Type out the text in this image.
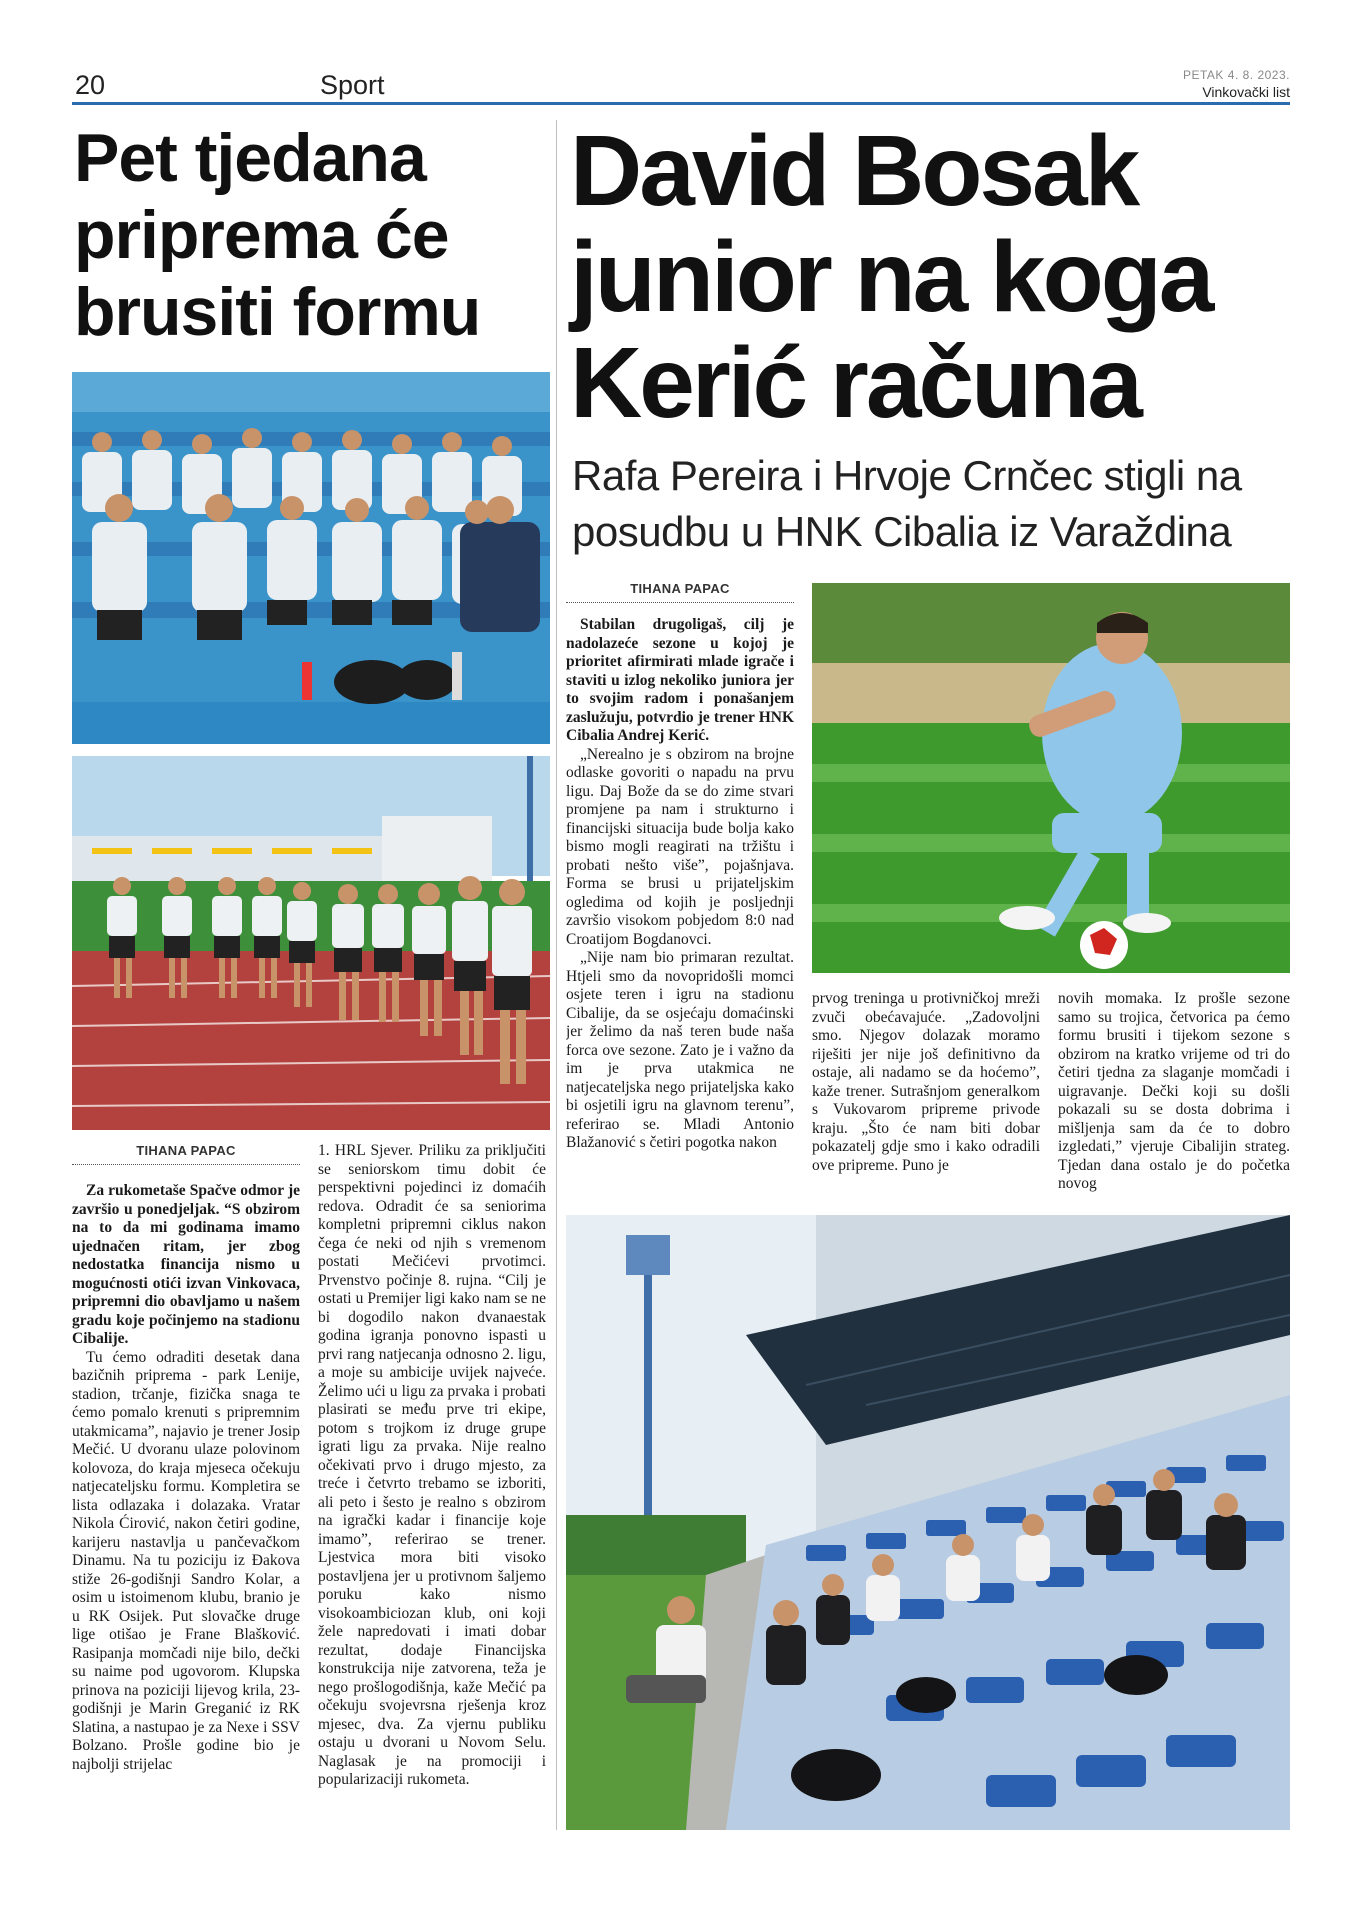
20	Sport	PETAK 4. 8. 2023.
Vinkovački list
Pet tjedana priprema će brusiti formu
TIHANA PAPAC

Za rukometaše Spačve odmor je završio u ponedjeljak. “S obzirom na to da mi godinama imamo ujednačen ritam, jer zbog nedostatka financija nismo u mogućnosti otići izvan Vinkovaca, pripremni dio obavljamo u našem gradu koje počinjemo na stadionu Cibalije.

Tu ćemo odraditi desetak dana bazičnih priprema - park Lenije, stadion, trčanje, fizička snaga te ćemo pomalo krenuti s pripremnim utakmicama”, najavio je trener Josip Mečić. U dvoranu ulaze polovinom kolovoza, do kraja mjeseca očekuju natjecateljsku formu. Kompletira se lista odlazaka i dolazaka. Vratar Nikola Ćirović, nakon četiri godine, karijeru nastavlja u pančevačkom Dinamu. Na tu poziciju iz Đakova stiže 26-godišnji Sandro Kolar, a osim u istoimenom klubu, branio je u RK Osijek. Put slovačke druge lige otišao je Frane Blašković. Rasipanja momčadi nije bilo, dečki su naime pod ugovorom. Klupska prinova na poziciji lijevog krila, 23-godišnji je Marin Greganić iz RK Slatina, a nastupao je za Nexe i SSV Bolzano. Prošle godine bio je najbolji strijelac

1. HRL Sjever. Priliku za priključiti se seniorskom timu dobit će perspektivni pojedinci iz domaćih redova. Odradit će sa seniorima kompletni pripremni ciklus nakon čega će neki od njih s vremenom postati Mečićevi prvotimci. Prvenstvo počinje 8. rujna. “Cilj je ostati u Premijer ligi kako nam se ne bi dogodilo nakon dvanaestak godina igranja ponovno ispasti u prvi rang natjecanja odnosno 2. ligu, a moje su ambicije uvijek najveće. Želimo ući u ligu za prvaka i probati plasirati se među prve tri ekipe, potom s trojkom iz druge grupe igrati ligu za prvaka. Nije realno očekivati prvo i drugo mjesto, za treće i četvrto trebamo se izboriti, ali peto i šesto je realno s obzirom na igrački kadar i financije koje imamo”, referirao se trener. Ljestvica mora biti visoko postavljena jer u protivnom šaljemo poruku kako nismo visokoambiciozan klub, oni koji žele napredovati i imati dobar rezultat, dodaje Financijska konstrukcija nije zatvorena, teža je nego prošlogodišnja, kaže Mečić pa očekuju svojevrsna rješenja kroz mjesec, dva. Za vjernu publiku ostaju u dvorani u Novom Selu. Naglasak je na promociji i popularizaciji rukometa.

David Bosak junior na koga Kerić računa
Rafa Pereira i Hrvoje Crnčec stigli na posudbu u HNK Cibalia iz Varaždina
TIHANA PAPAC

Stabilan drugoligaš, cilj je nadolazeće sezone u kojoj je prioritet afirmirati mlade igrače i staviti u izlog nekoliko juniora jer to svojim radom i ponašanjem zaslužuju, potvrdio je trener HNK Cibalia Andrej Kerić.

„Nerealno je s obzirom na brojne odlaske govoriti o napadu na prvu ligu. Daj Bože da se do zime stvari promjene pa nam i strukturno i financijski situacija bude bolja kako bismo mogli reagirati na tržištu i probati nešto više”, pojašnjava. Forma se brusi u prijateljskim ogledima od kojih je posljednji završio visokom pobjedom 8:0 nad Croatijom Bogdanovci.

„Nije nam bio primaran rezultat. Htjeli smo da novopridošli momci osjete teren i igru na stadionu Cibalije, da se osjećaju domaćinski jer želimo da naš teren bude naša forca ove sezone. Zato je i važno da im je prva utakmica ne natjecateljska nego prijateljska kako bi osjetili igru na glavnom terenu”, referirao se. Mladi Antonio Blažanović s četiri pogotka nakon

prvog treninga u protivničkoj mreži zvuči obećavajuće. „Zadovoljni smo. Njegov dolazak moramo riješiti jer nije još definitivno da ostaje, ali nadamo se da hoćemo”, kaže trener. Sutrašnjom generalkom s Vukovarom pripreme privode kraju. „Što će nam biti dobar pokazatelj gdje smo i kako odradili ove pripreme. Puno je

novih momaka. Iz prošle sezone samo su trojica, četvorica pa ćemo formu brusiti i tijekom sezone s obzirom na kratko vrijeme od tri do četiri tjedna za slaganje momčadi i uigravanje. Dečki koji su došli pokazali su se dosta dobrima i mišljenja sam da će to dobro izgledati,” vjeruje Cibalijin strateg. Tjedan dana ostalo je do početka novog
